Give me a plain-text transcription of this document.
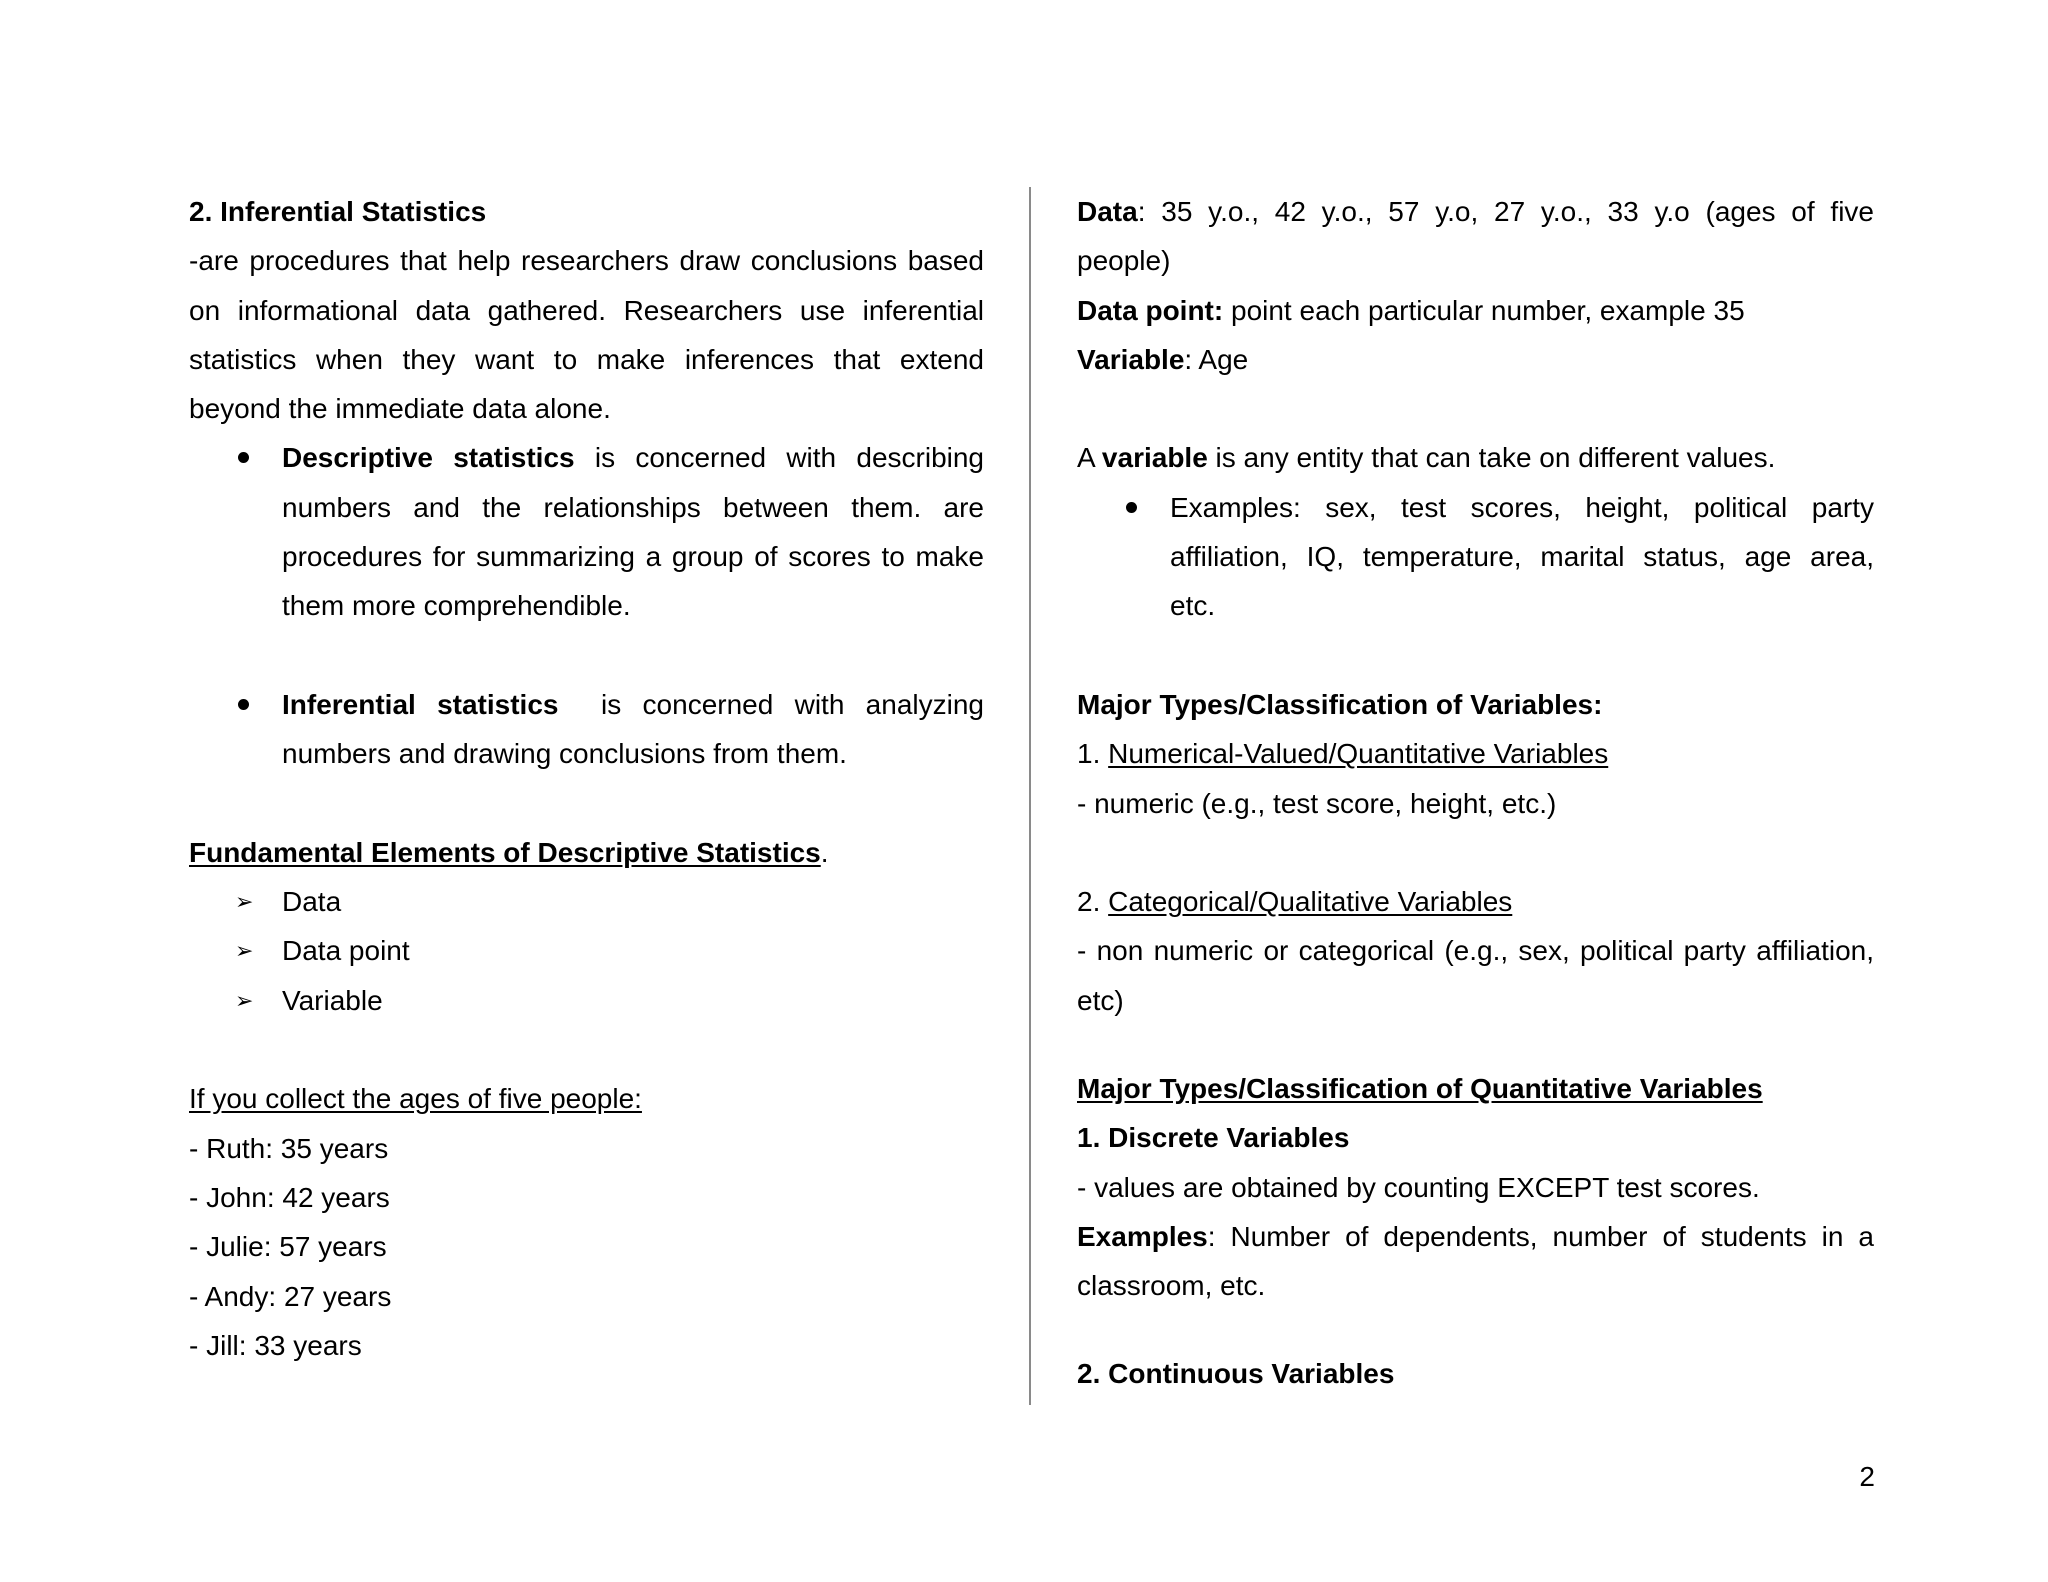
2. Inferential Statistics
-are procedures that help researchers draw conclusions based
on informational data gathered. Researchers use inferential
statistics when they want to make inferences that extend
beyond the immediate data alone.
Descriptive statistics is concerned with describing
numbers and the relationships between them. are
procedures for summarizing a group of scores to make
them more comprehendible.
Inferential statistics  is concerned with analyzing
numbers and drawing conclusions from them.
Fundamental Elements of Descriptive Statistics.
➢ Data
➢ Data point
➢ Variable
If you collect the ages of five people:
- Ruth: 35 years
- John: 42 years
- Julie: 57 years
- Andy: 27 years
- Jill: 33 years
Data: 35 y.o., 42 y.o., 57 y.o, 27 y.o., 33 y.o (ages of five
people)
Data point: point each particular number, example 35
Variable: Age
A variable is any entity that can take on different values.
Examples: sex, test scores, height, political party
affiliation, IQ, temperature, marital status, age area,
etc.
Major Types/Classification of Variables:
1. Numerical-Valued/Quantitative Variables
- numeric (e.g., test score, height, etc.)
2. Categorical/Qualitative Variables
- non numeric or categorical (e.g., sex, political party affiliation,
etc)
Major Types/Classification of Quantitative Variables
1. Discrete Variables
- values are obtained by counting EXCEPT test scores.
Examples: Number of dependents, number of students in a
classroom, etc.
2. Continuous Variables
2
